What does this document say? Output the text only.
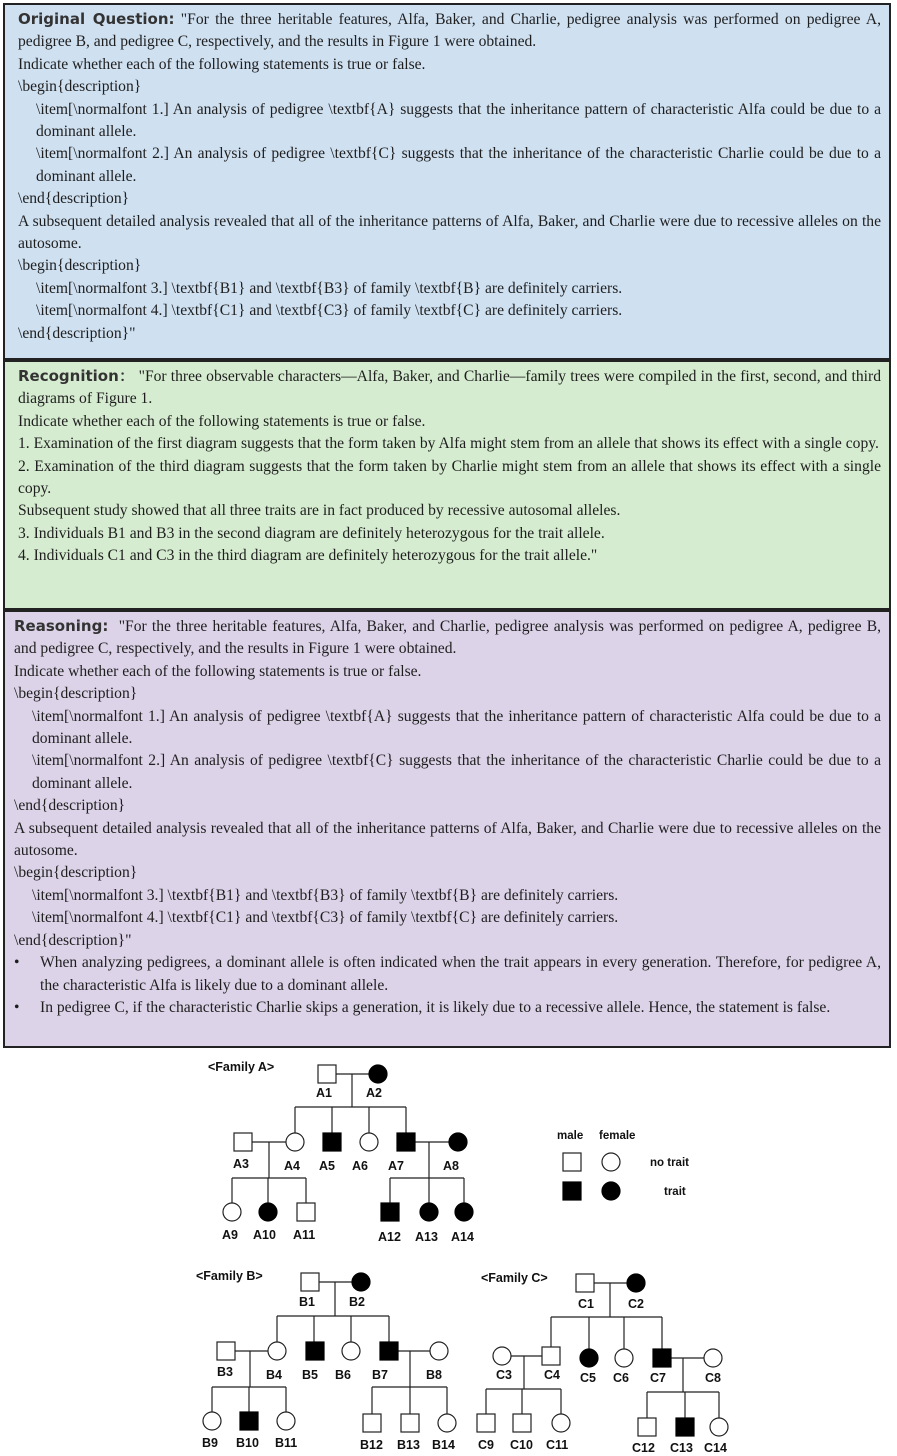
Original Question: "For the three heritable features, Alfa, Baker, and Charlie, pedigree analysis was performed on pedigree A, pedigree B, and pedigree C, respectively, and the results in Figure 1 were obtained.
Indicate whether each of the following statements is true or false.
\begin{description}
\item[\normalfont 1.] An analysis of pedigree \textbf{A} suggests that the inheritance pattern of characteristic Alfa could be due to a dominant allele.
\item[\normalfont 2.] An analysis of pedigree \textbf{C} suggests that the inheritance of the characteristic Charlie could be due to a dominant allele.
\end{description}
A subsequent detailed analysis revealed that all of the inheritance patterns of Alfa, Baker, and Charlie were due to recessive alleles on the autosome.
\begin{description}
\item[\normalfont 3.] \textbf{B1} and \textbf{B3} of family \textbf{B} are definitely carriers.
\item[\normalfont 4.] \textbf{C1} and \textbf{C3} of family \textbf{C} are definitely carriers.
\end{description}"
Recognition： "For three observable characters—Alfa, Baker, and Charlie—family trees were compiled in the first, second, and third diagrams of Figure 1.
Indicate whether each of the following statements is true or false.
1. Examination of the first diagram suggests that the form taken by Alfa might stem from an allele that shows its effect with a single copy.
2. Examination of the third diagram suggests that the form taken by Charlie might stem from an allele that shows its effect with a single copy.
Subsequent study showed that all three traits are in fact produced by recessive autosomal alleles.
3. Individuals B1 and B3 in the second diagram are definitely heterozygous for the trait allele.
4. Individuals C1 and C3 in the third diagram are definitely heterozygous for the trait allele."
Reasoning: "For the three heritable features, Alfa, Baker, and Charlie, pedigree analysis was performed on pedigree A, pedigree B, and pedigree C, respectively, and the results in Figure 1 were obtained.
Indicate whether each of the following statements is true or false.
\begin{description}
\item[\normalfont 1.] An analysis of pedigree \textbf{A} suggests that the inheritance pattern of characteristic Alfa could be due to a dominant allele.
\item[\normalfont 2.] An analysis of pedigree \textbf{C} suggests that the inheritance of the characteristic Charlie could be due to a dominant allele.
\end{description}
A subsequent detailed analysis revealed that all of the inheritance patterns of Alfa, Baker, and Charlie were due to recessive alleles on the autosome.
\begin{description}
\item[\normalfont 3.] \textbf{B1} and \textbf{B3} of family \textbf{B} are definitely carriers.
\item[\normalfont 4.] \textbf{C1} and \textbf{C3} of family \textbf{C} are definitely carriers.
\end{description}"
• When analyzing pedigrees, a dominant allele is often indicated when the trait appears in every generation. Therefore, for pedigree A, the characteristic Alfa is likely due to a dominant allele.
• In pedigree C, if the characteristic Charlie skips a generation, it is likely due to a recessive allele. Hence, the statement is false.
<Family A>
A1	A2
A3	A4 A5 A6 A7	A8
A9 A10 A11	A12 A13 A14
male female
no trait
trait
<Family B>
B1	B2
B3	B4 B5 B6 B7	B8
B9 B10 B11	B12 B13 B14
<Family C>
C1	C2
C3	C4 C5 C6 C7	C8
C9 C10 C11	C12 C13 C14
